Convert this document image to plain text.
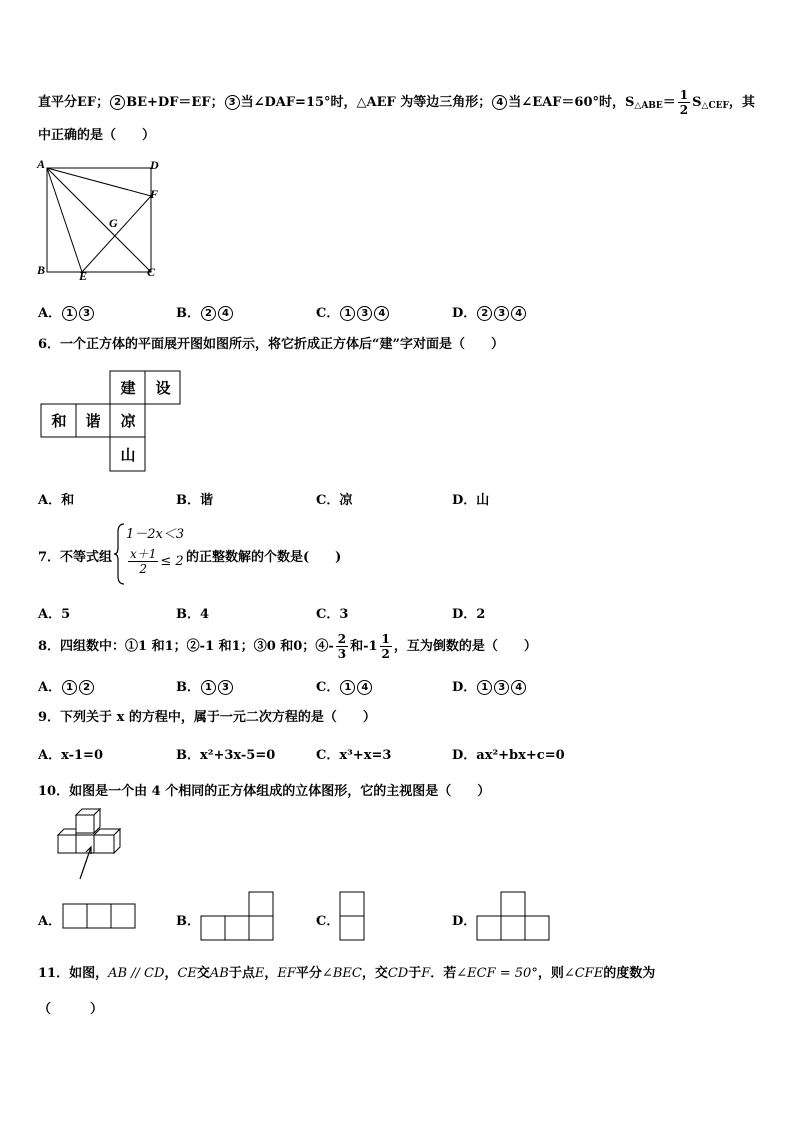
直平分EF； 2 BE+DF＝EF； 3 当∠DAF=15°时，△AEF 为等边三角形； 4 当∠EAF＝60°时，$S_{\triangle ABE}= \frac{1}{2} S_{\triangle CEF}$，其
中正确的是（　　）
A	D
F
G
B	E	C
A． 1 3	B． 2 4	C． 1 3 4	D． 2 3 4
6．一个正方体的平面展开图如图所示，将它折成正方体后“建”字对面是（　　）
建 设
和 谐 凉
山
A．和	B．谐	C．凉	D．山
7．不等式组
1－2x＜3
$\frac{x+1}{2} \le 2$ 的正整数解的个数是(　　)
A．5	B．4	C．3	D．2
8．四组数中：①1 和1；②-1 和1；③0 和0；④- $\frac{2}{3}$ 和$-1 \frac{1}{2}$ ，互为倒数的是（　　）
A． 1 2	B． 1 3	C． 1 4	D． 1 3 4
9．下列关于 x 的方程中，属于一元二次方程的是（　　）
A．x-1=0	B．x²+3x-5=0	C．x³+x=3	D．ax²+bx+c=0
10．如图是一个由 4 个相同的正方体组成的立体图形，它的主视图是（　　）
A．	B．	C．	D．
11．如图，AB // CD，CE交AB于点E，EF平分∠BEC，交CD于F．若∠ECF = 50°，则∠CFE的度数为
（　　　）
